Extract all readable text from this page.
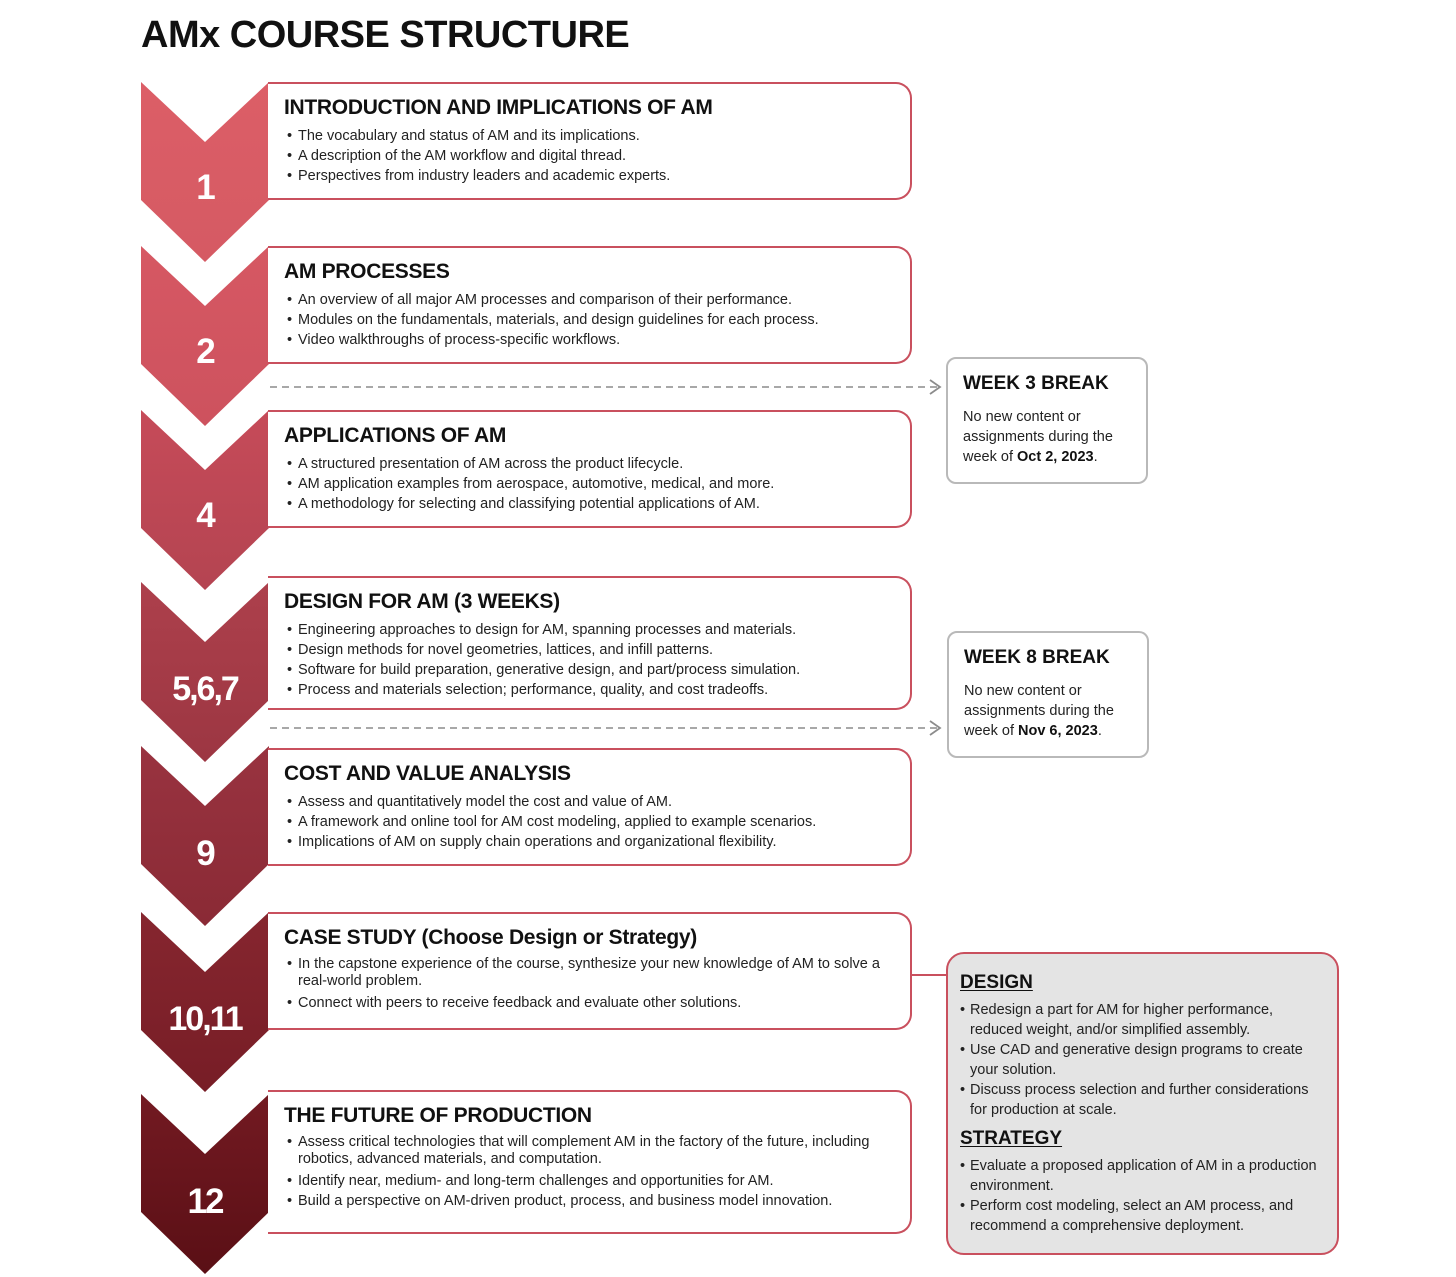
AMx COURSE STRUCTURE
1
2
4
5,6,7
9
10,11
12
INTRODUCTION AND IMPLICATIONS OF AM
• The vocabulary and status of AM and its implications.
• A description of the AM workflow and digital thread.
• Perspectives from industry leaders and academic experts.
AM PROCESSES
• An overview of all major AM processes and comparison of their performance.
• Modules on the fundamentals, materials, and design guidelines for each process.
• Video walkthroughs of process-specific workflows.
APPLICATIONS OF AM
• A structured presentation of AM across the product lifecycle.
• AM application examples from aerospace, automotive, medical, and more.
• A methodology for selecting and classifying potential applications of AM.
DESIGN FOR AM (3 WEEKS)
• Engineering approaches to design for AM, spanning processes and materials.
• Design methods for novel geometries, lattices, and infill patterns.
• Software for build preparation, generative design, and part/process simulation.
• Process and materials selection; performance, quality, and cost tradeoffs.
COST AND VALUE ANALYSIS
• Assess and quantitatively model the cost and value of AM.
• A framework and online tool for AM cost modeling, applied to example scenarios.
• Implications of AM on supply chain operations and organizational flexibility.
CASE STUDY (Choose Design or Strategy)
• In the capstone experience of the course, synthesize your new knowledge of AM to solve a real-world problem.
• Connect with peers to receive feedback and evaluate other solutions.
THE FUTURE OF PRODUCTION
• Assess critical technologies that will complement AM in the factory of the future, including robotics, advanced materials, and computation.
• Identify near, medium- and long-term challenges and opportunities for AM.
• Build a perspective on AM-driven product, process, and business model innovation.
WEEK 3 BREAK

No new content or assignments during the week of Oct 2, 2023.

WEEK 8 BREAK

No new content or assignments during the week of Nov 6, 2023.

DESIGN
• Redesign a part for AM for higher performance, reduced weight, and/or simplified assembly.
• Use CAD and generative design programs to create your solution.
• Discuss process selection and further considerations for production at scale.
STRATEGY
• Evaluate a proposed application of AM in a production environment.
• Perform cost modeling, select an AM process, and recommend a comprehensive deployment.
